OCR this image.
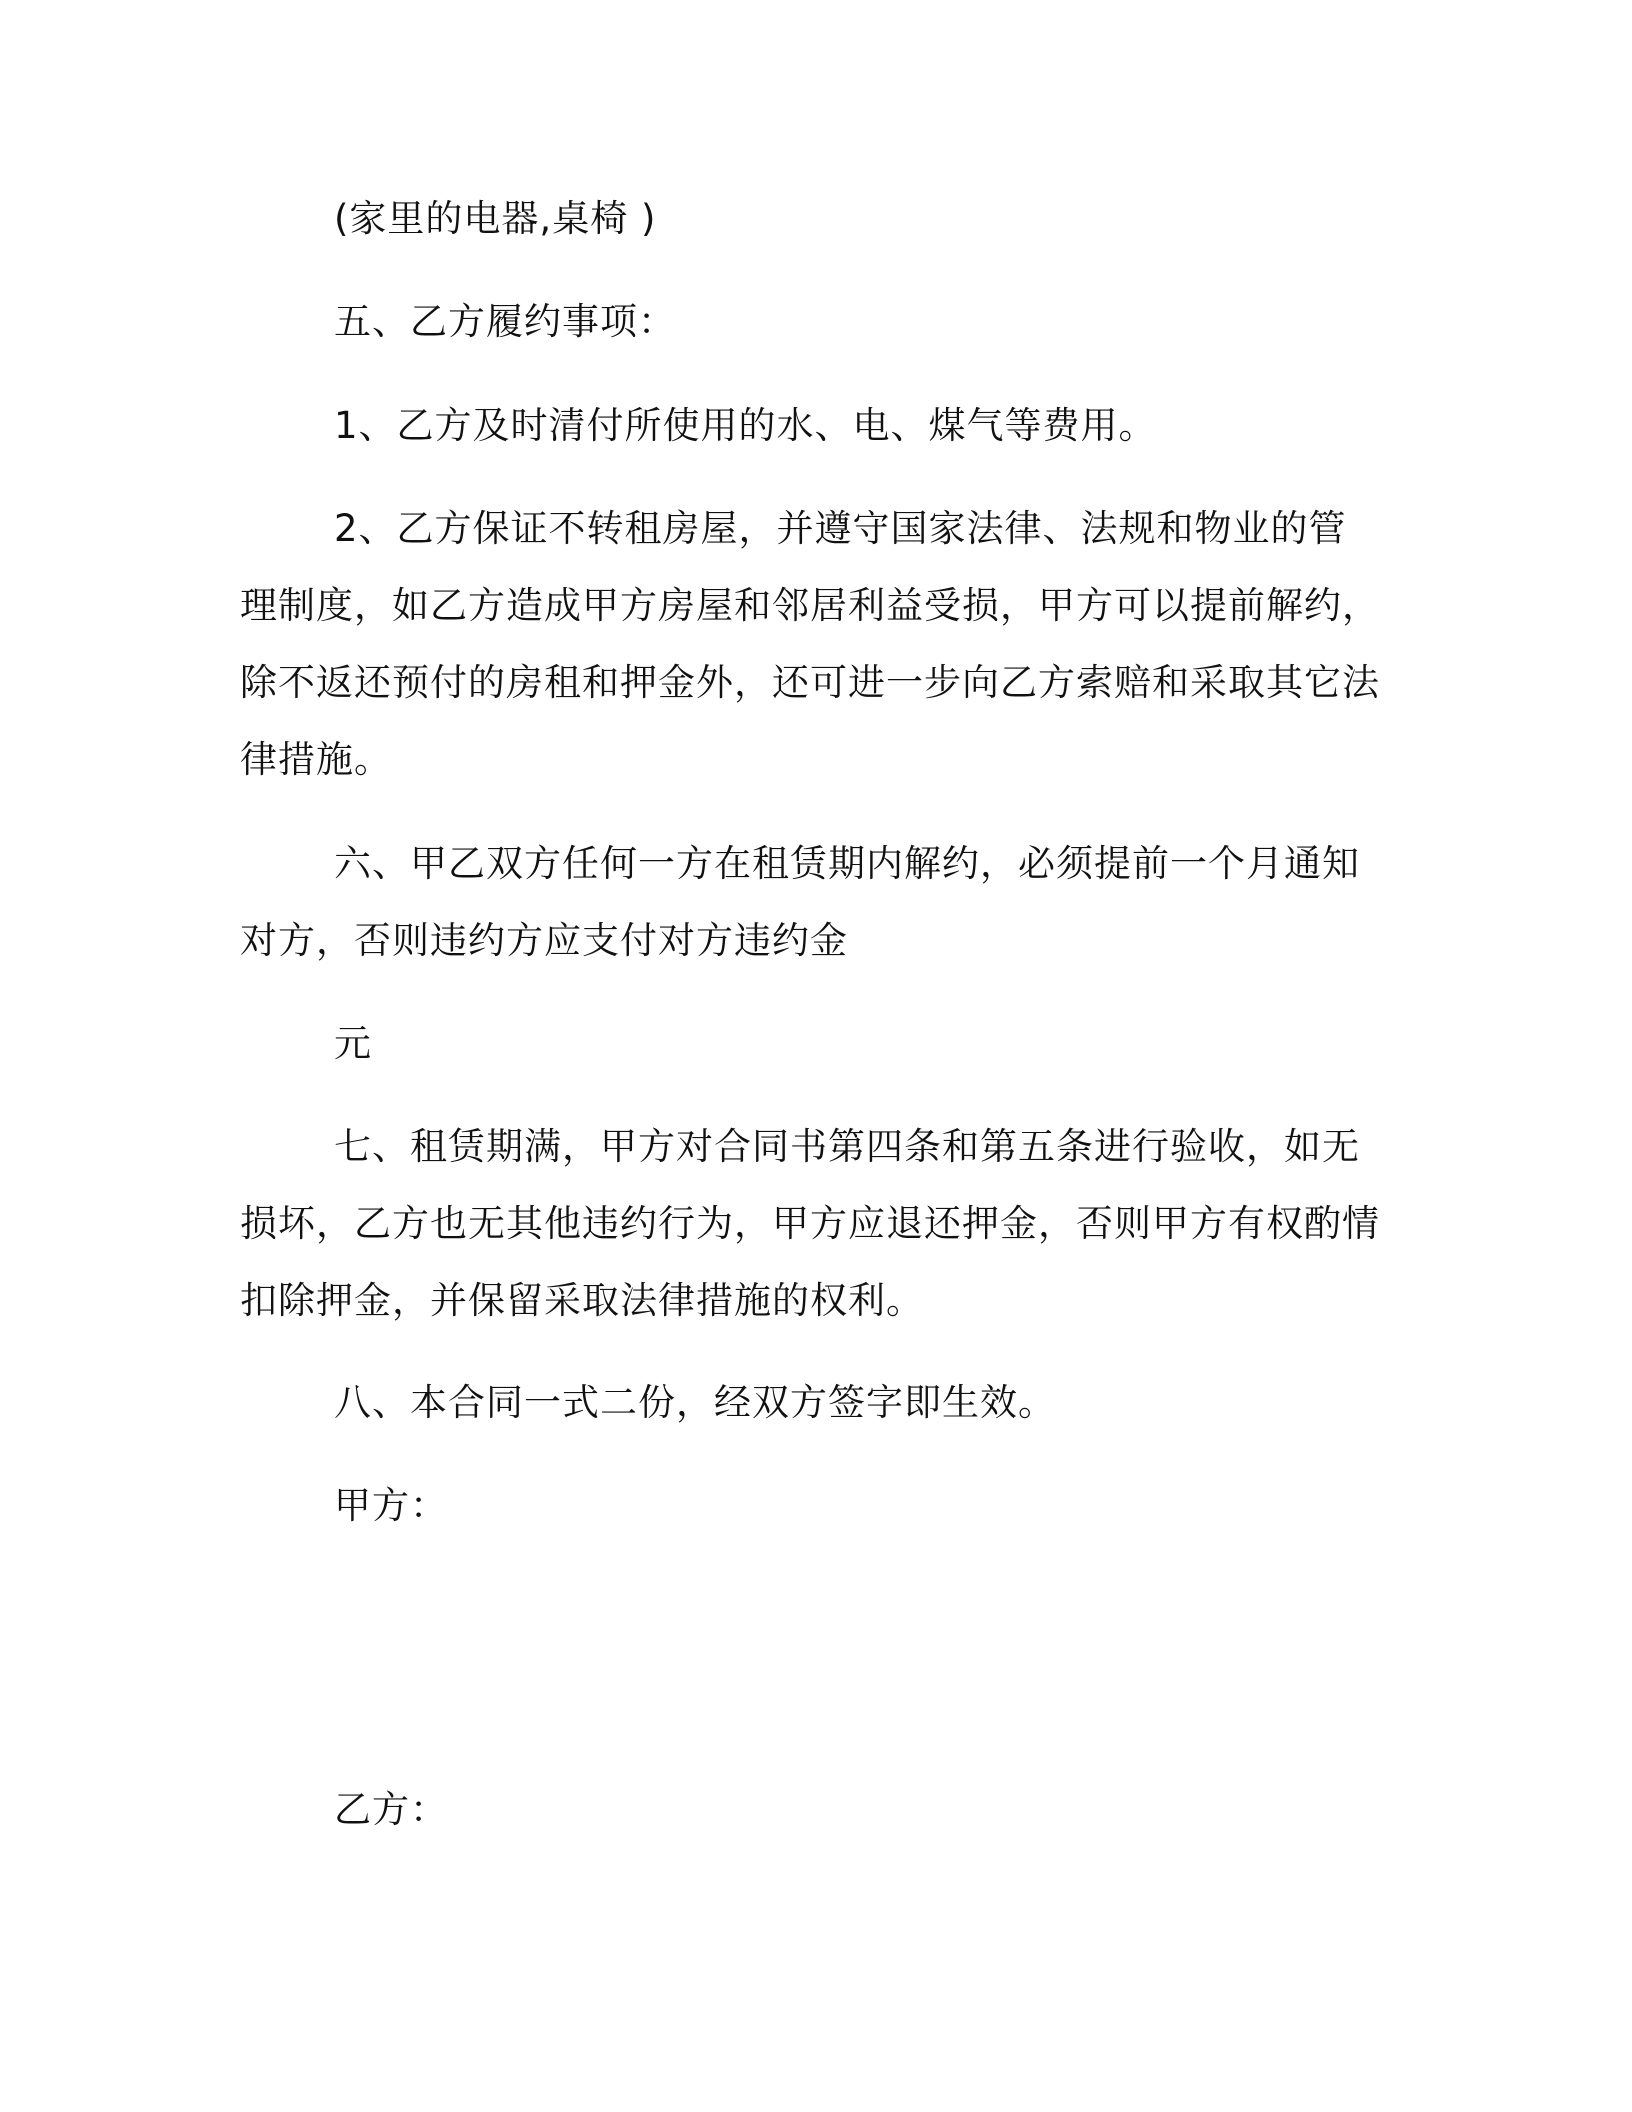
(家里的电器,桌椅 )

五、乙方履约事项：

1、乙方及时清付所使用的水、电、煤气等费用。

2、乙方保证不转租房屋，并遵守国家法律、法规和物业的管理制度，如乙方造成甲方房屋和邻居利益受损，甲方可以提前解约，除不返还预付的房租和押金外，还可进一步向乙方索赔和采取其它法律措施。

六、甲乙双方任何一方在租赁期内解约，必须提前一个月通知对方，否则违约方应支付对方违约金

元

七、租赁期满，甲方对合同书第四条和第五条进行验收，如无损坏，乙方也无其他违约行为，甲方应退还押金，否则甲方有权酌情扣除押金，并保留采取法律措施的权利。

八、本合同一式二份，经双方签字即生效。

甲方：

乙方：
